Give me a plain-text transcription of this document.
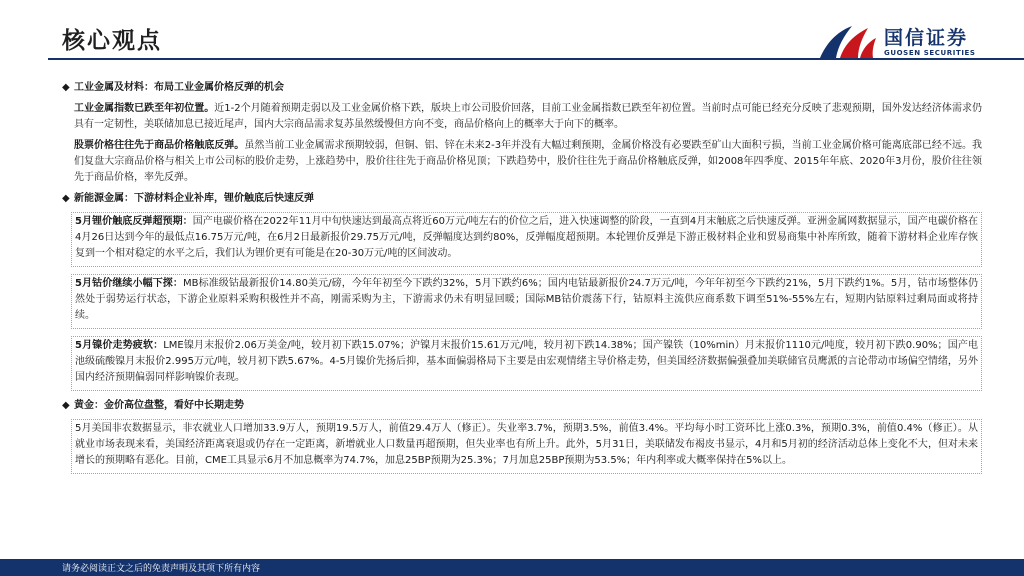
核心观点	国信证券
GUOSEN SECURITIES
◆ 工业金属及材料：布局工业金属价格反弹的机会
工业金属指数已跌至年初位置。近1-2个月随着预期走弱以及工业金属价格下跌，版块上市公司股价回落，目前工业金属指数已跌至年初位置。当前时点可能已经充分反映了悲观预期，国外发达经济体需求仍具有一定韧性，美联储加息已接近尾声，国内大宗商品需求复苏虽然缓慢但方向不变，商品价格向上的概率大于向下的概率。
股票价格往往先于商品价格触底反弹。虽然当前工业金属需求预期较弱，但铜、铝、锌在未来2-3年并没有大幅过剩预期，金属价格没有必要跌至矿山大面积亏损，当前工业金属价格可能离底部已经不远。我们复盘大宗商品价格与相关上市公司标的股价走势，上涨趋势中，股价往往先于商品价格见顶；下跌趋势中，股价往往先于商品价格触底反弹，如2008年四季度、2015年年底、2020年3月份，股价往往领先于商品价格，率先反弹。
◆ 新能源金属：下游材料企业补库，锂价触底后快速反弹
5月锂价触底反弹超预期：国产电碳价格在2022年11月中旬快速达到最高点将近60万元/吨左右的价位之后，进入快速调整的阶段，一直到4月末触底之后快速反弹。亚洲金属网数据显示，国产电碳价格在4月26日达到今年的最低点16.75万元/吨，在6月2日最新报价29.75万元/吨，反弹幅度达到约80%，反弹幅度超预期。本轮锂价反弹是下游正极材料企业和贸易商集中补库所致，随着下游材料企业库存恢复到一个相对稳定的水平之后，我们认为锂价更有可能是在20-30万元/吨的区间波动。
5月钴价继续小幅下探：MB标准级钴最新报价14.80美元/磅，今年年初至今下跌约32%，5月下跌约6%；国内电钴最新报价24.7万元/吨，今年年初至今下跌约21%，5月下跌约1%。5月，钴市场整体仍然处于弱势运行状态，下游企业原料采购积极性并不高，刚需采购为主，下游需求仍未有明显回暖；国际MB钴价震荡下行，钴原料主流供应商系数下调至51%-55%左右，短期内钴原料过剩局面或将持续。
5月镍价走势疲软：LME镍月末报价2.06万美金/吨，较月初下跌15.07%；沪镍月末报价15.61万元/吨，较月初下跌14.38%；国产镍铁（10%min）月末报价1110元/吨度，较月初下跌0.90%；国产电池级硫酸镍月末报价2.995万元/吨，较月初下跌5.67%。4-5月镍价先扬后抑，基本面偏弱格局下主要是由宏观情绪主导价格走势，但美国经济数据偏强叠加美联储官员鹰派的言论带动市场偏空情绪，另外国内经济预期偏弱同样影响镍价表现。
◆ 黄金：金价高位盘整，看好中长期走势
5月美国非农数据显示，非农就业人口增加33.9万人，预期19.5万人，前值29.4万人（修正）。失业率3.7%，预期3.5%，前值3.4%。平均每小时工资环比上涨0.3%，预期0.3%，前值0.4%（修正）。从就业市场表现来看，美国经济距离衰退或仍存在一定距离，新增就业人口数量再超预期，但失业率也有所上升。此外，5月31日，美联储发布褐皮书显示，4月和5月初的经济活动总体上变化不大，但对未来增长的预期略有恶化。目前，CME工具显示6月不加息概率为74.7%，加息25BP预期为25.3%；7月加息25BP预期为53.5%；年内利率或大概率保持在5%以上。
请务必阅读正文之后的免责声明及其项下所有内容
